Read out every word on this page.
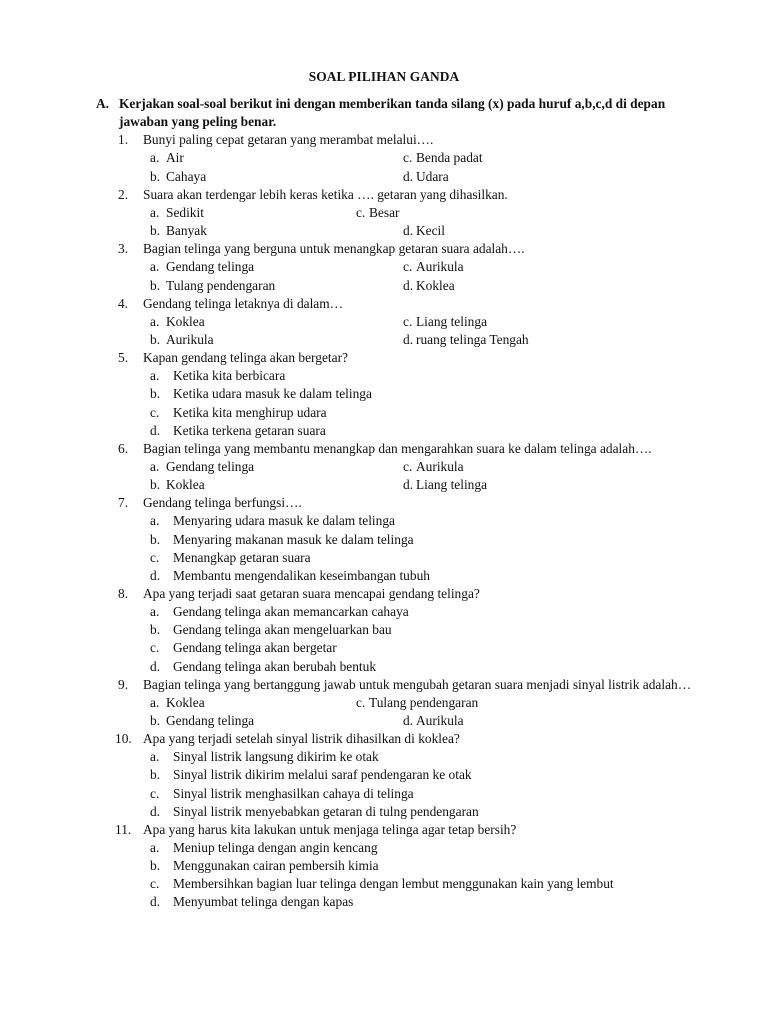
SOAL PILIHAN GANDA
A. Kerjakan soal-soal berikut ini dengan memberikan tanda silang (x) pada huruf a,b,c,d di depan jawaban yang peling benar.
1. Bunyi paling cepat getaran yang merambat melalui….
a. Air
b. Cahaya
c. Benda padat
d. Udara
2. Suara akan terdengar lebih keras ketika …. getaran yang dihasilkan.
a. Sedikit
b. Banyak
c. Besar
d. Kecil
3. Bagian telinga yang berguna untuk menangkap getaran suara adalah….
a. Gendang telinga
b. Tulang pendengaran
c. Aurikula
d. Koklea
4. Gendang telinga letaknya di dalam…
a. Koklea
b. Aurikula
c. Liang telinga
d. ruang telinga Tengah
5. Kapan gendang telinga akan bergetar?
a. Ketika kita berbicara
b. Ketika udara masuk ke dalam telinga
c. Ketika kita menghirup udara
d. Ketika terkena getaran suara
6. Bagian telinga yang membantu menangkap dan mengarahkan suara ke dalam telinga adalah….
a. Gendang telinga
b. Koklea
c. Aurikula
d. Liang telinga
7. Gendang telinga berfungsi….
a. Menyaring udara masuk ke dalam telinga
b. Menyaring makanan masuk ke dalam telinga
c. Menangkap getaran suara
d. Membantu mengendalikan keseimbangan tubuh
8. Apa yang terjadi saat getaran suara mencapai gendang telinga?
a. Gendang telinga akan memancarkan cahaya
b. Gendang telinga akan mengeluarkan bau
c. Gendang telinga akan bergetar
d. Gendang telinga akan berubah bentuk
9. Bagian telinga yang bertanggung jawab untuk mengubah getaran suara menjadi sinyal listrik adalah…
a. Koklea
b. Gendang telinga
c. Tulang pendengaran
d. Aurikula
10. Apa yang terjadi setelah sinyal listrik dihasilkan di koklea?
a. Sinyal listrik langsung dikirim ke otak
b. Sinyal listrik dikirim melalui saraf pendengaran ke otak
c. Sinyal listrik menghasilkan cahaya di telinga
d. Sinyal listrik menyebabkan getaran di tulng pendengaran
11. Apa yang harus kita lakukan untuk menjaga telinga agar tetap bersih?
a. Meniup telinga dengan angin kencang
b. Menggunakan cairan pembersih kimia
c. Membersihkan bagian luar telinga dengan lembut menggunakan kain yang lembut
d. Menyumbat telinga dengan kapas
